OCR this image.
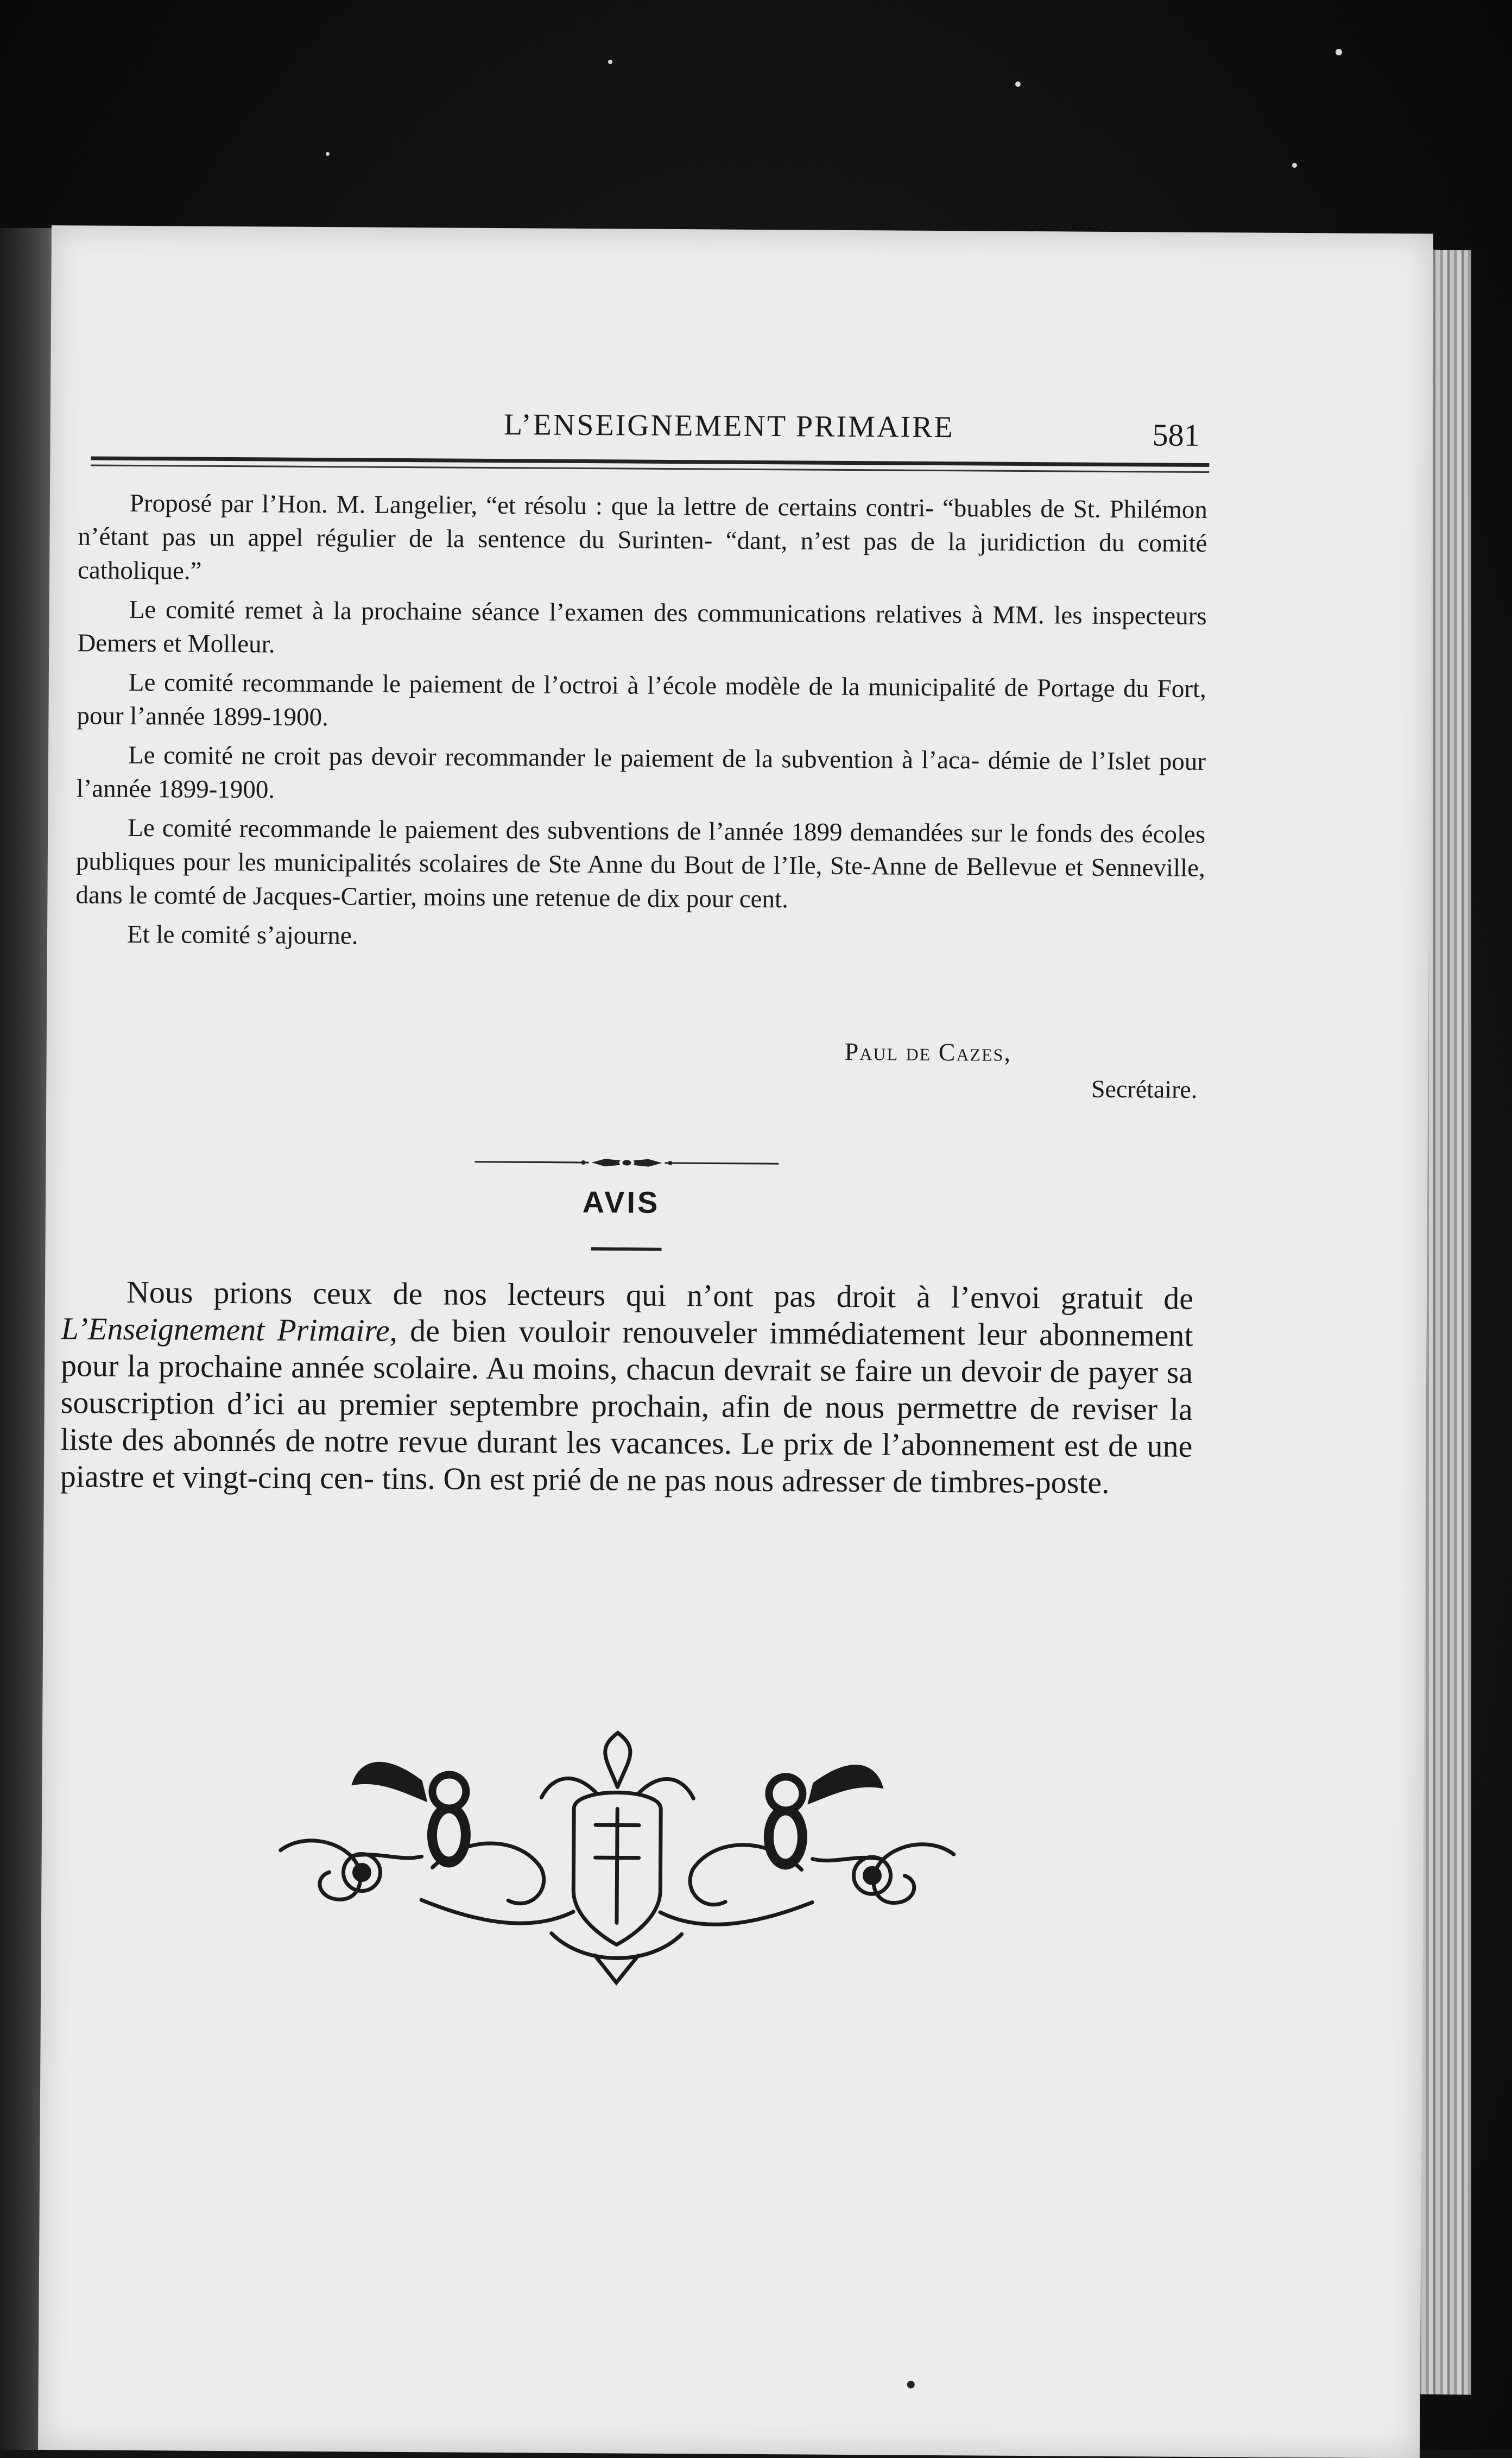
L’ENSEIGNEMENT PRIMAIRE	581

Proposé par l’Hon. M. Langelier, “et résolu : que la lettre de certains contri- “buables de St. Philémon n’étant pas un appel régulier de la sentence du Surinten- “dant, n’est pas de la juridiction du comité catholique.”

Le comité remet à la prochaine séance l’examen des communications relatives à MM. les inspecteurs Demers et Molleur.

Le comité recommande le paiement de l’octroi à l’école modèle de la municipalité de Portage du Fort, pour l’année 1899-1900.

Le comité ne croit pas devoir recommander le paiement de la subvention à l’aca- démie de l’Islet pour l’année 1899-1900.

Le comité recommande le paiement des subventions de l’année 1899 demandées sur le fonds des écoles publiques pour les municipalités scolaires de Ste Anne du Bout de l’Ile, Ste-Anne de Bellevue et Senneville, dans le comté de Jacques-Cartier, moins une retenue de dix pour cent.

Et le comité s’ajourne.

Paul de Cazes,
Secrétaire.
AVIS

Nous prions ceux de nos lecteurs qui n’ont pas droit à l’envoi gratuit de L’Enseignement Primaire, de bien vouloir renouveler immédiatement leur abonnement pour la prochaine année scolaire. Au moins, chacun devrait se faire un devoir de payer sa souscription d’ici au premier septembre prochain, afin de nous permettre de reviser la liste des abonnés de notre revue durant les vacances. Le prix de l’abonnement est de une piastre et vingt-cinq cen- tins. On est prié de ne pas nous adresser de timbres-poste.
